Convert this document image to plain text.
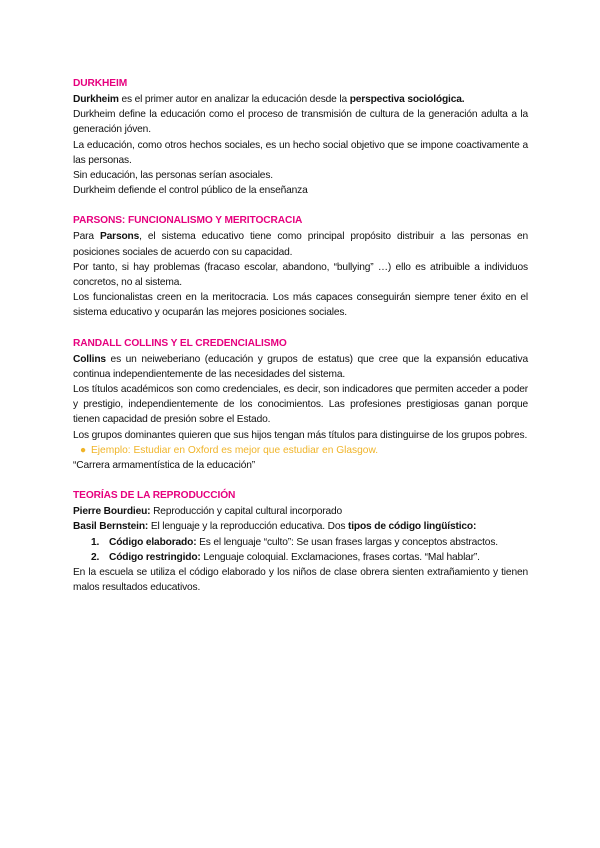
DURKHEIM

Durkheim es el primer autor en analizar la educación desde la perspectiva sociológica.

Durkheim define la educación como el proceso de transmisión de cultura de la generación adulta a la generación jóven.

La educación, como otros hechos sociales, es un hecho social objetivo que se impone coactivamente a las personas.

Sin educación, las personas serían asociales.

Durkheim defiende el control público de la enseñanza

PARSONS: FUNCIONALISMO Y MERITOCRACIA

Para Parsons, el sistema educativo tiene como principal propósito distribuir a las personas en posiciones sociales de acuerdo con su capacidad.

Por tanto, si hay problemas (fracaso escolar, abandono, “bullying” …) ello es atribuible a individuos concretos, no al sistema.

Los funcionalistas creen en la meritocracia. Los más capaces conseguirán siempre tener éxito en el sistema educativo y ocuparán las mejores posiciones sociales.

RANDALL COLLINS Y EL CREDENCIALISMO

Collins es un neiweberiano (educación y grupos de estatus) que cree que la expansión educativa continua independientemente de las necesidades del sistema.

Los títulos académicos son como credenciales, es decir, son indicadores que permiten acceder a poder y prestigio, independientemente de los conocimientos. Las profesiones prestigiosas ganan porque tienen capacidad de presión sobre el Estado.

Los grupos dominantes quieren que sus hijos tengan más títulos para distinguirse de los grupos pobres.

● Ejemplo: Estudiar en Oxford es mejor que estudiar en Glasgow.

“Carrera armamentística de la educación”

TEORÍAS DE LA REPRODUCCIÓN

Pierre Bourdieu: Reproducción y capital cultural incorporado

Basil Bernstein: El lenguaje y la reproducción educativa. Dos tipos de código lingüístico:

1. Código elaborado: Es el lenguaje “culto”: Se usan frases largas y conceptos abstractos.
2. Código restringido: Lenguaje coloquial. Exclamaciones, frases cortas. “Mal hablar”.

En la escuela se utiliza el código elaborado y los niños de clase obrera sienten extrañamiento y tienen malos resultados educativos.
